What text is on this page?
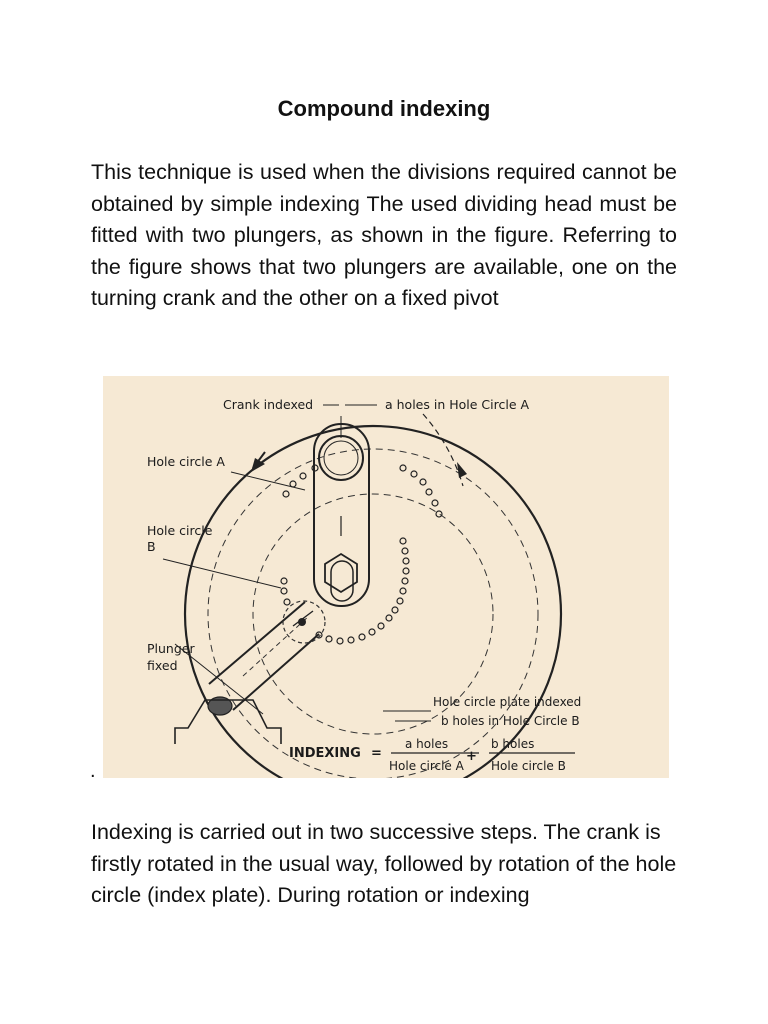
Compound indexing

This technique is used when the divisions required cannot be obtained by simple indexing The used dividing head must be fitted with two plungers, as shown in the figure. Referring to the figure shows that two plungers are available, one on the turning crank and the other on a fixed pivot

Crank indexed	a holes in Hole Circle A
Hole circle A
Hole circle
B
Plunger
fixed
Hole circle plate indexed
b holes in Hole Circle B
INDEXING =
a holes
Hole circle A
+
b holes
Hole circle B
.

Indexing is carried out in two successive steps. The crank is firstly rotated in the usual way, followed by rotation of the hole circle (index plate). During rotation or indexing
